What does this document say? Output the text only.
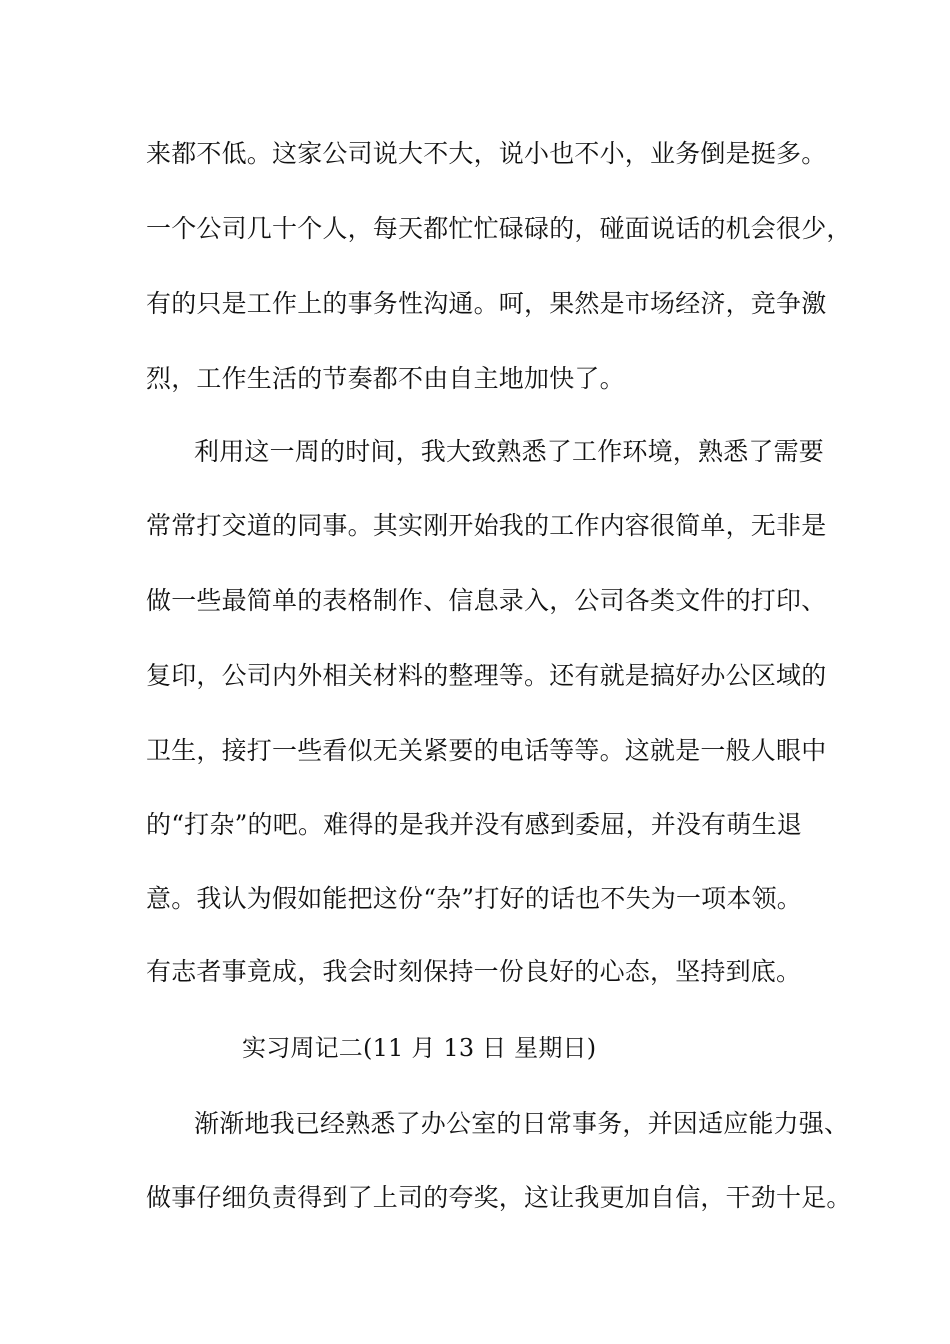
来都不低。这家公司说大不大，说小也不小，业务倒是挺多。
一个公司几十个人，每天都忙忙碌碌的，碰面说话的机会很少，
有的只是工作上的事务性沟通。呵，果然是市场经济，竞争激
烈，工作生活的节奏都不由自主地加快了。
利用这一周的时间，我大致熟悉了工作环境，熟悉了需要
常常打交道的同事。其实刚开始我的工作内容很简单，无非是
做一些最简单的表格制作、信息录入，公司各类文件的打印、
复印，公司内外相关材料的整理等。还有就是搞好办公区域的
卫生，接打一些看似无关紧要的电话等等。这就是一般人眼中
的“打杂”的吧。难得的是我并没有感到委屈，并没有萌生退
意。我认为假如能把这份“杂”打好的话也不失为一项本领。
有志者事竟成，我会时刻保持一份良好的心态，坚持到底。
实习周记二(11 月 13 日 星期日)
渐渐地我已经熟悉了办公室的日常事务，并因适应能力强、
做事仔细负责得到了上司的夸奖，这让我更加自信，干劲十足。
